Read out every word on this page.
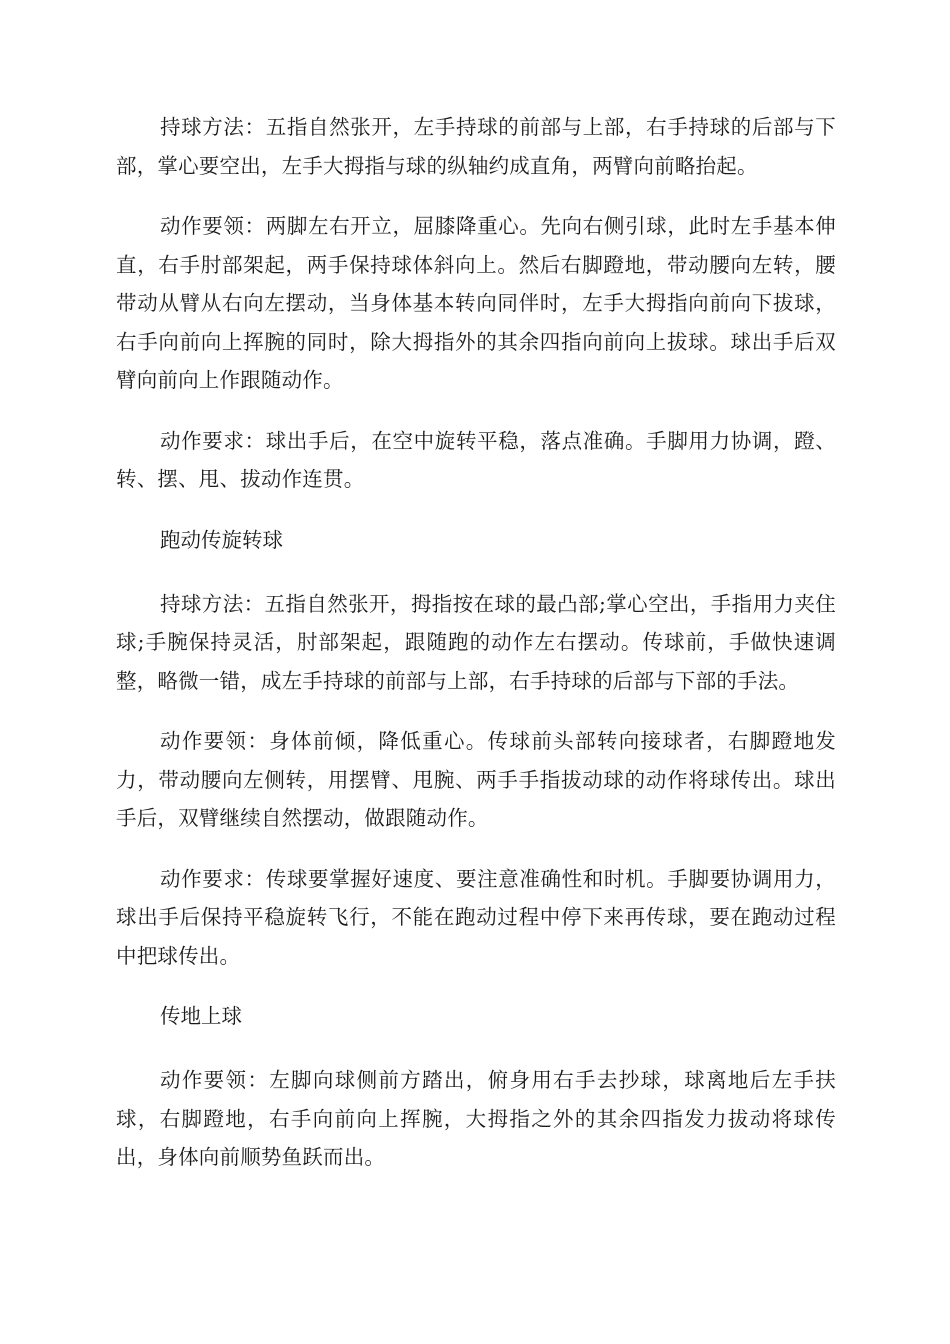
持球方法：五指自然张开，左手持球的前部与上部，右手持球的后部与下部，掌心要空出，左手大拇指与球的纵轴约成直角，两臂向前略抬起。

动作要领：两脚左右开立，屈膝降重心。先向右侧引球，此时左手基本伸直，右手肘部架起，两手保持球体斜向上。然后右脚蹬地，带动腰向左转，腰带动从臂从右向左摆动，当身体基本转向同伴时，左手大拇指向前向下拔球，右手向前向上挥腕的同时，除大拇指外的其余四指向前向上拔球。球出手后双臂向前向上作跟随动作。

动作要求：球出手后，在空中旋转平稳，落点准确。手脚用力协调，蹬、转、摆、甩、拔动作连贯。

跑动传旋转球

持球方法：五指自然张开，拇指按在球的最凸部;掌心空出，手指用力夹住球;手腕保持灵活，肘部架起，跟随跑的动作左右摆动。传球前，手做快速调整，略微一错，成左手持球的前部与上部，右手持球的后部与下部的手法。

动作要领：身体前倾，降低重心。传球前头部转向接球者，右脚蹬地发力，带动腰向左侧转，用摆臂、甩腕、两手手指拔动球的动作将球传出。球出手后，双臂继续自然摆动，做跟随动作。

动作要求：传球要掌握好速度、要注意准确性和时机。手脚要协调用力，球出手后保持平稳旋转飞行，不能在跑动过程中停下来再传球，要在跑动过程中把球传出。

传地上球

动作要领：左脚向球侧前方踏出，俯身用右手去抄球，球离地后左手扶球，右脚蹬地，右手向前向上挥腕，大拇指之外的其余四指发力拔动将球传出，身体向前顺势鱼跃而出。
